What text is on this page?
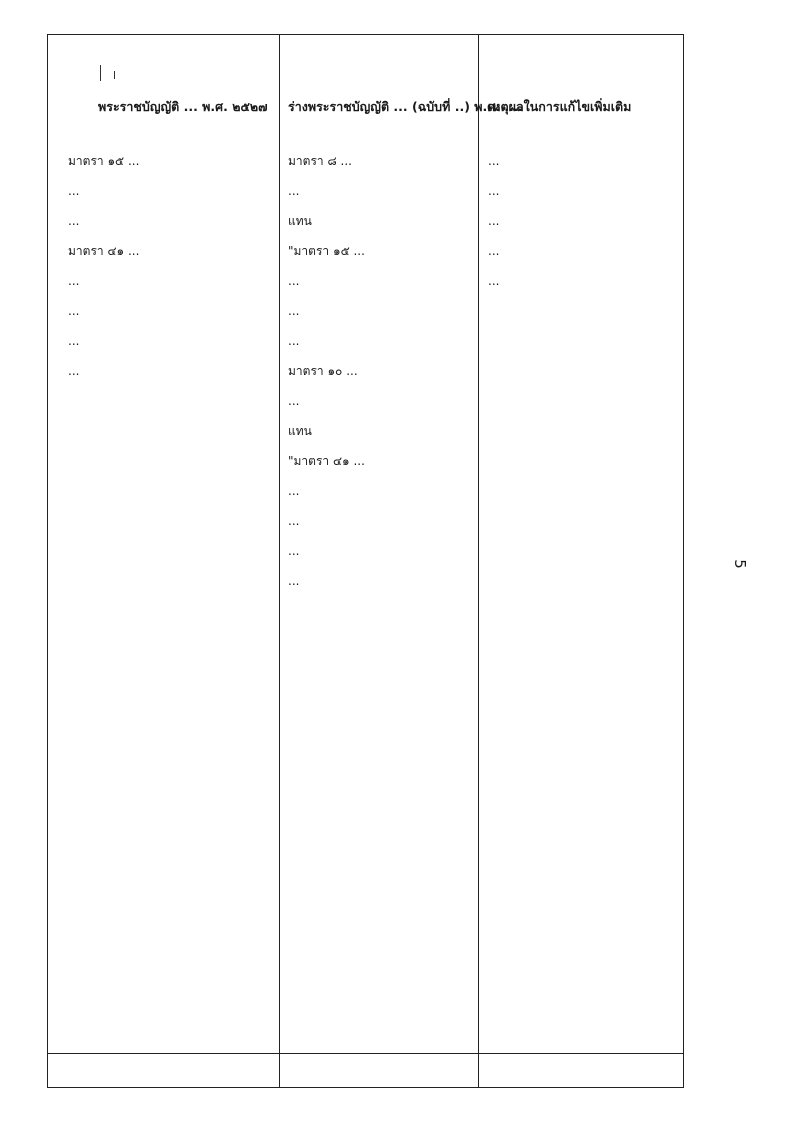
5
พระราชบัญญัติ ... พ.ศ. ๒๕๒๗ ร่างพระราชบัญญัติ ... (ฉบับที่ ..) พ.ศ. ....
เหตุผลในการแก้ไขเพิ่มเติม
มาตรา ๑๕ ...
...
...
มาตรา ๔๑ ...
...
...
...
...
มาตรา ๘ ...
...
แทน
"มาตรา ๑๕ ...
...
...
...
มาตรา ๑๐ ...
...
แทน
"มาตรา ๔๑ ...
...
...
...
...
...
...
...
...
...
